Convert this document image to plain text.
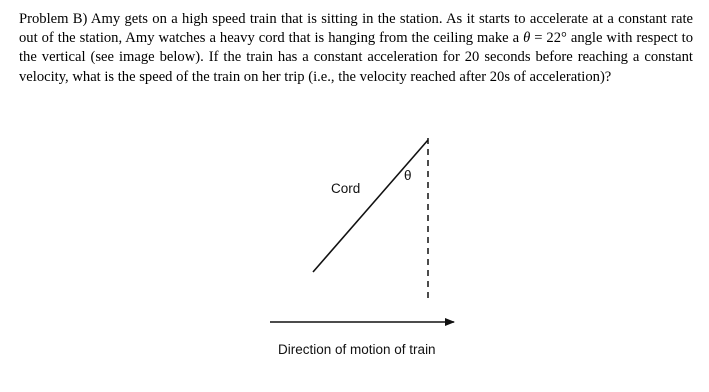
Problem B) Amy gets on a high speed train that is sitting in the station. As it starts to accelerate at a constant rate out of the station, Amy watches a heavy cord that is hanging from the ceiling make a θ = 22° angle with respect to the vertical (see image below). If the train has a constant acceleration for 20 seconds before reaching a constant velocity, what is the speed of the train on her trip (i.e., the velocity reached after 20s of acceleration)?

Cord
θ
Direction of motion of train
